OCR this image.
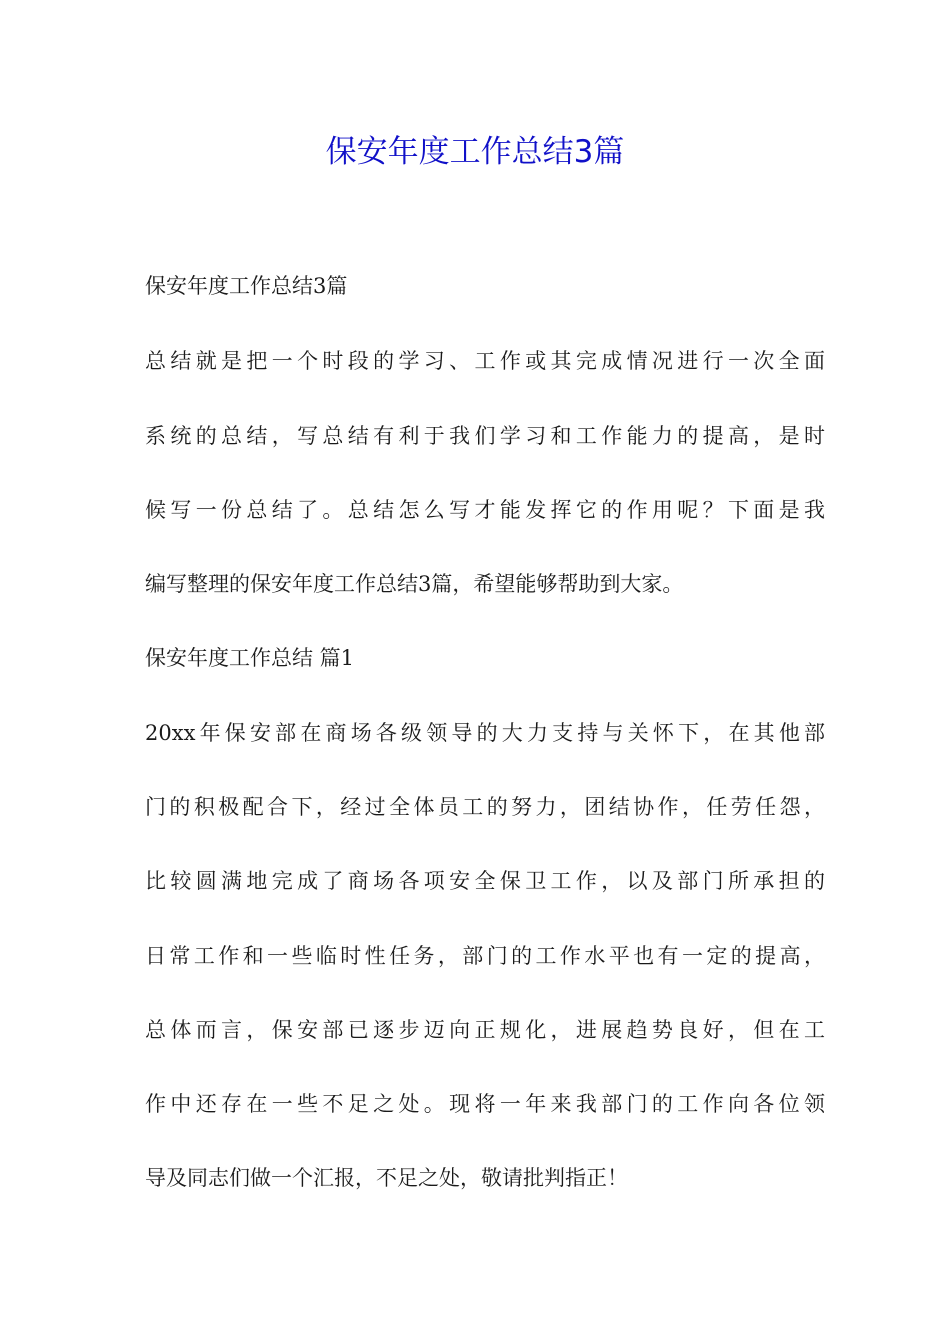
保安年度工作总结3篇

保安年度工作总结3篇

总结就是把一个时段的学习、工作或其完成情况进行一次全面

系统的总结，写总结有利于我们学习和工作能力的提高，是时

候写一份总结了。总结怎么写才能发挥它的作用呢？下面是我

编写整理的保安年度工作总结3篇，希望能够帮助到大家。

保安年度工作总结 篇1

20xx年保安部在商场各级领导的大力支持与关怀下，在其他部

门的积极配合下，经过全体员工的努力，团结协作，任劳任怨，

比较圆满地完成了商场各项安全保卫工作，以及部门所承担的

日常工作和一些临时性任务，部门的工作水平也有一定的提高，

总体而言，保安部已逐步迈向正规化，进展趋势良好，但在工

作中还存在一些不足之处。现将一年来我部门的工作向各位领

导及同志们做一个汇报，不足之处，敬请批判指正！
